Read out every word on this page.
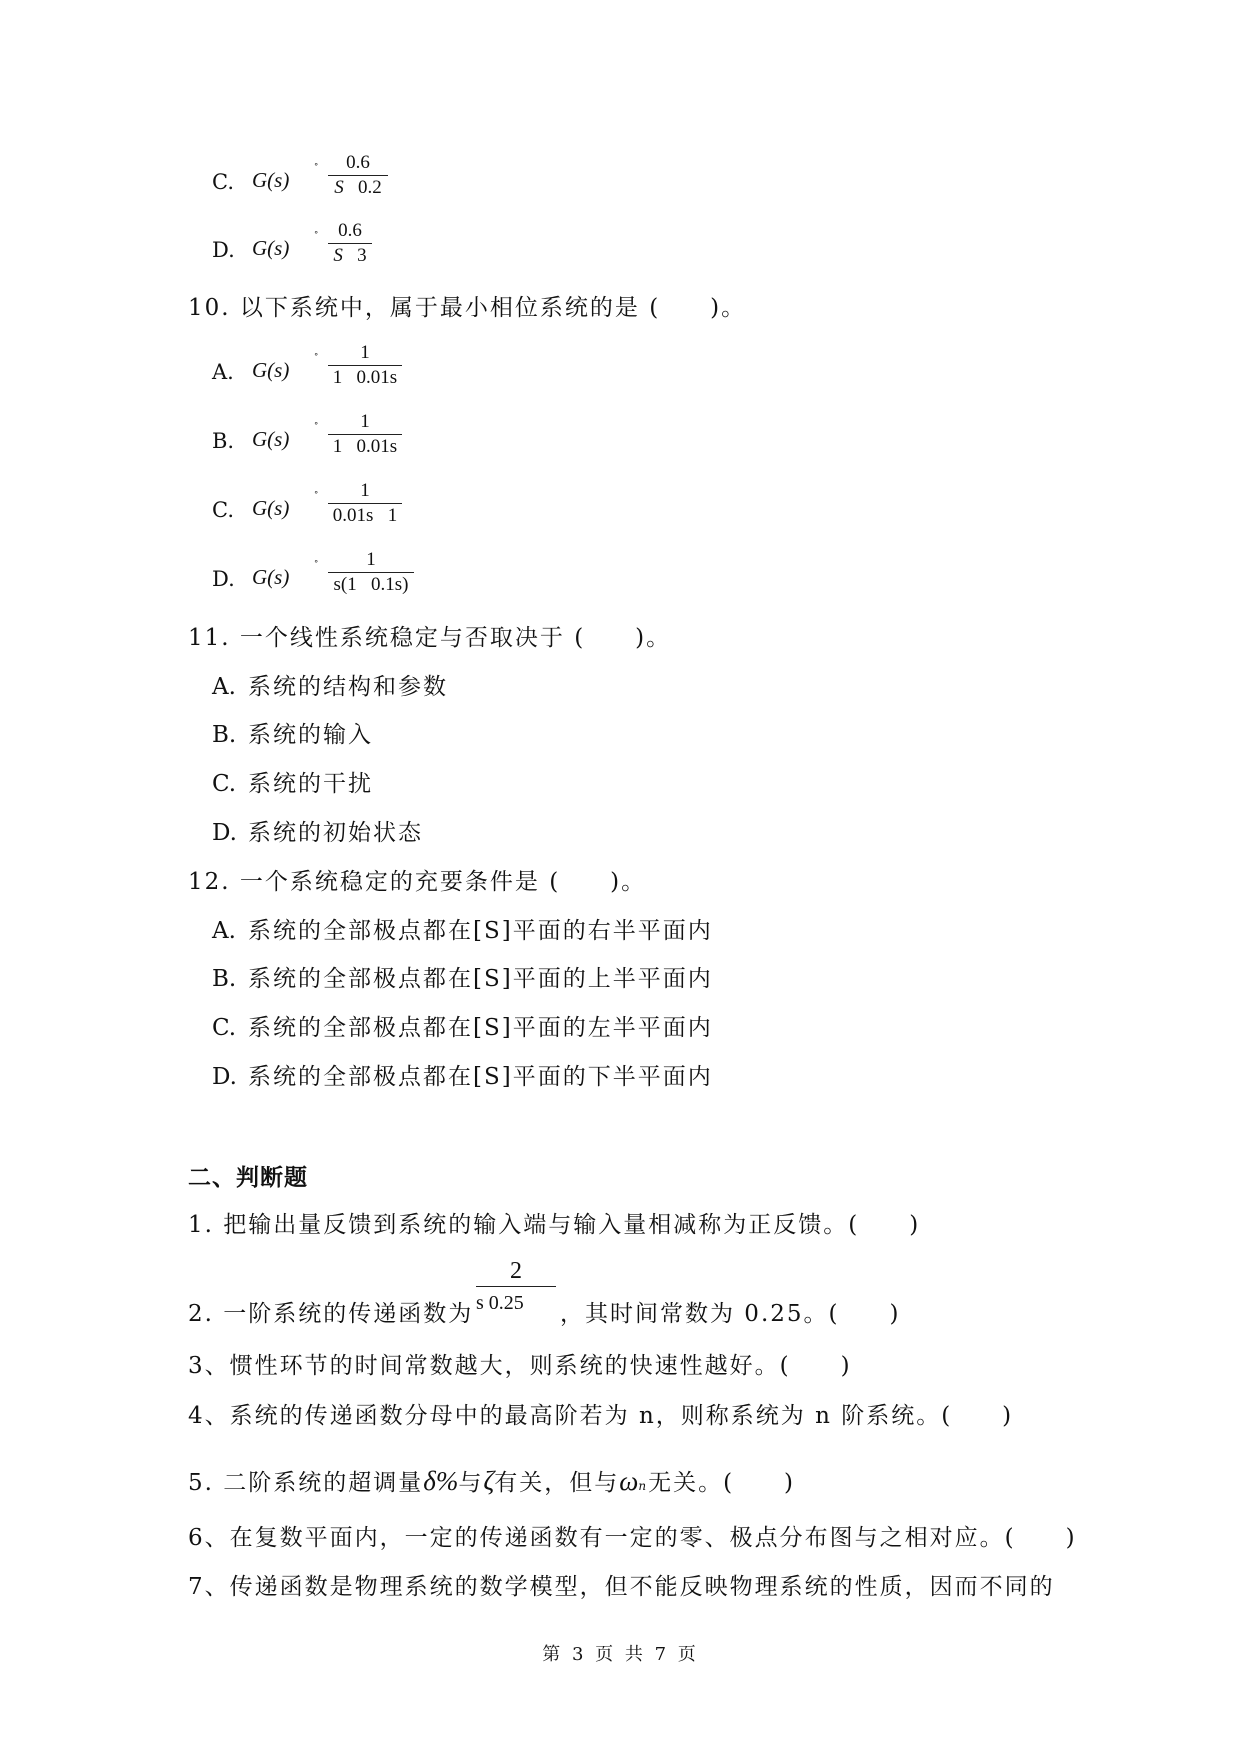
C. G(s)
˚	0.6
S 0.2
D. G(s)
˚	0.6
S 3
10. 以下系统中，属于最小相位系统的是 (　　)。
A. G(s)
˚	1
1 0.01s
B. G(s)
˚	1
1 0.01s
C. G(s)
˚	1
0.01s 1
D. G(s)
˚	1
s(1 0.1s)
11. 一个线性系统稳定与否取决于 (　　)。
A. 系统的结构和参数
B. 系统的输入
C. 系统的干扰
D. 系统的初始状态
12. 一个系统稳定的充要条件是 (　　)。
A. 系统的全部极点都在[S]平面的右半平面内
B. 系统的全部极点都在[S]平面的上半平面内
C. 系统的全部极点都在[S]平面的左半平面内
D. 系统的全部极点都在[S]平面的下半平面内
二、判断题
1. 把输出量反馈到系统的输入端与输入量相减称为正反馈。(　　)
2. 一阶系统的传递函数为
2
s 0.25 ，其时间常数为 0.25。(　　)
3、惯性环节的时间常数越大，则系统的快速性越好。(　　)
4、系统的传递函数分母中的最高阶若为 n，则称系统为 n 阶系统。(　　)
5. 二阶系统的超调量δ%与ζ有关，但与ωn无关。(　　)
6、在复数平面内，一定的传递函数有一定的零、极点分布图与之相对应。(　　)
7、传递函数是物理系统的数学模型，但不能反映物理系统的性质，因而不同的
第 3 页 共 7 页
